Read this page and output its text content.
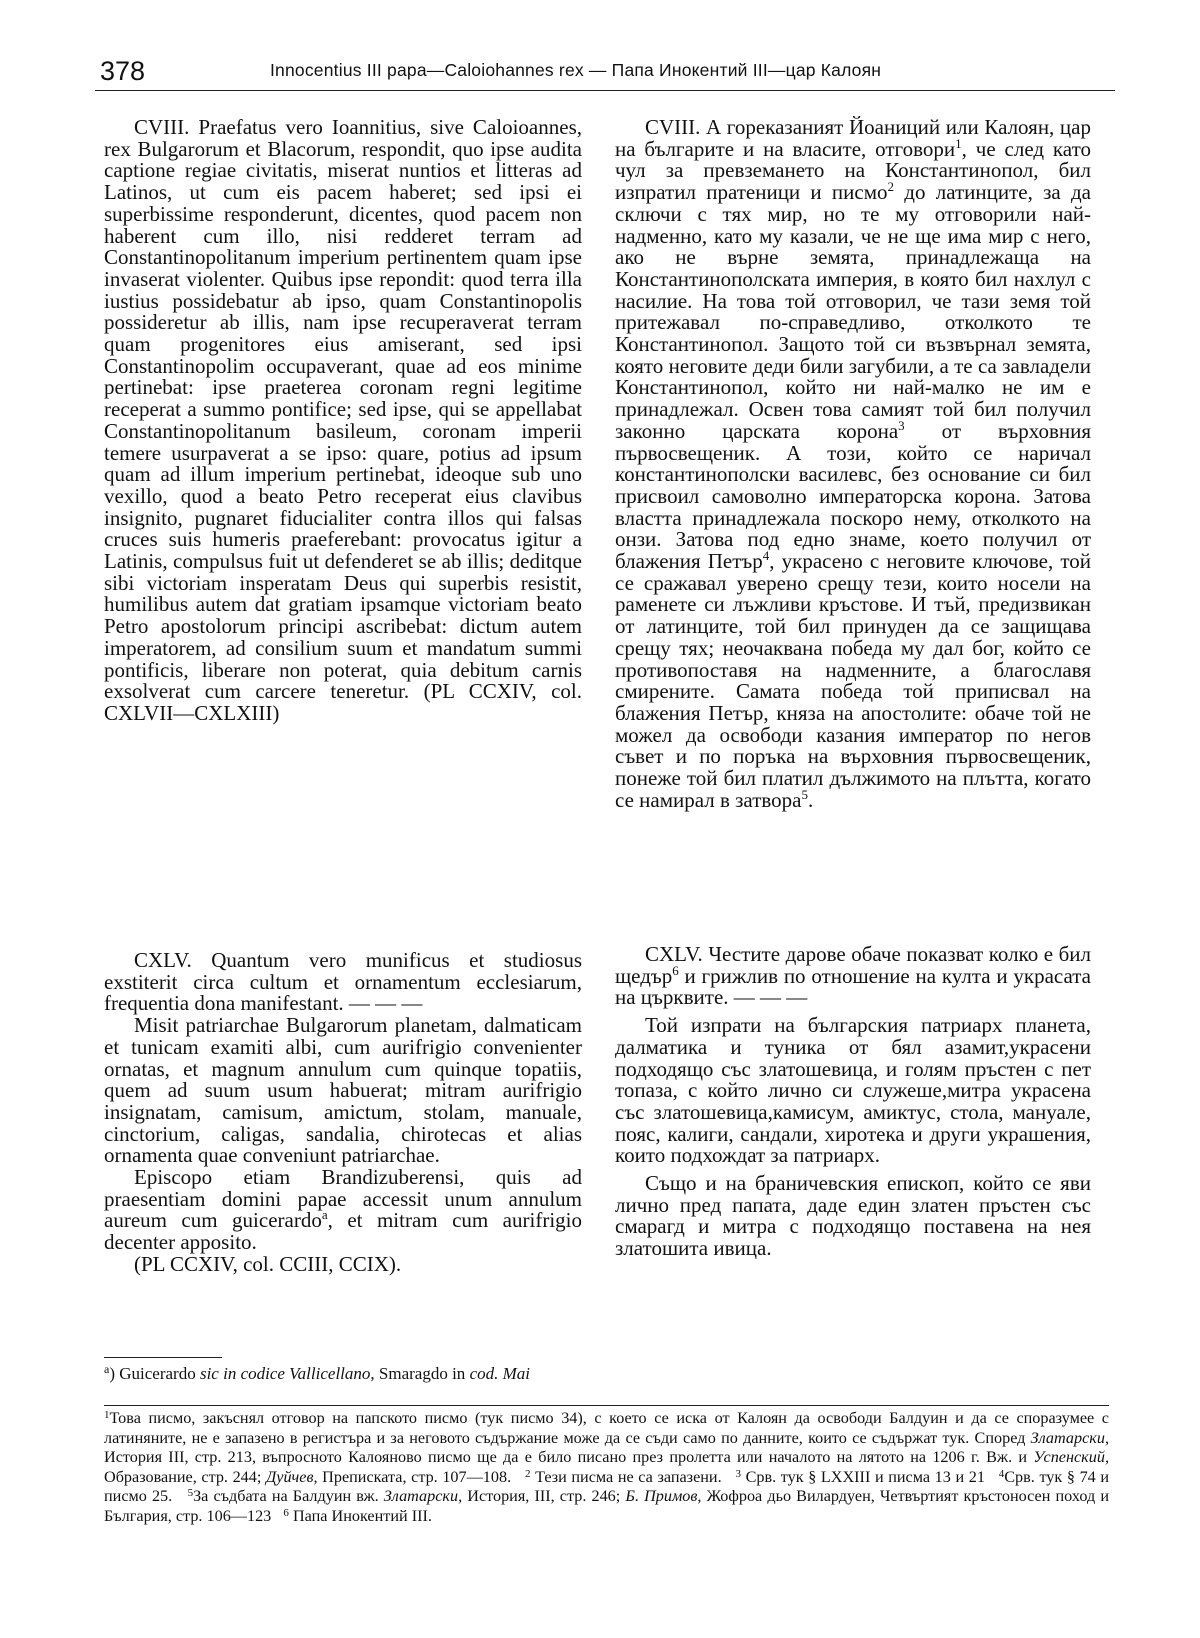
378	Innocentius III papa—Caloiohannes rex — Папа Инокентий III—цар Калоян

CVIII. Praefatus vero Ioannitius, sive Caloioannes, rex Bulgarorum et Blacorum, respondit, quo ipse audita captione regiae civitatis, miserat nuntios et litteras ad Latinos, ut cum eis pacem haberet; sed ipsi ei superbissime responderunt, dicentes, quod pacem non haberent cum illo, nisi redderet terram ad Constantinopolitanum imperium pertinentem quam ipse invaserat violenter. Quibus ipse repondit: quod terra illa iustius possidebatur ab ipso, quam Constantinopolis possideretur ab illis, nam ipse recuperaverat terram quam progenitores eius amiserant, sed ipsi Constantinopolim occupaverant, quae ad eos minime pertinebat: ipse praeterea coronam regni legitime receperat a summo pontifice; sed ipse, qui se appellabat Constantinopolitanum basileum, coronam imperii temere usurpaverat a se ipso: quare, potius ad ipsum quam ad illum imperium pertinebat, ideoque sub uno vexillo, quod a beato Petro receperat eius clavibus insignito, pugnaret fiducialiter contra illos qui falsas cruces suis humeris praeferebant: provocatus igitur a Latinis, compulsus fuit ut defenderet se ab illis; deditque sibi victoriam insperatam Deus qui superbis resistit, humilibus autem dat gratiam ipsamque victoriam beato Petro apostolorum principi ascribebat: dictum autem imperatorem, ad consilium suum et mandatum summi pontificis, liberare non poterat, quia debitum carnis exsolverat cum carcere teneretur. (PL CCXIV, col. CXLVII—CXLXIII)

CXLV. Quantum vero munificus et studiosus exstiterit circa cultum et ornamentum ecclesiarum, frequentia dona manifestant. — — —

Misit patriarchae Bulgarorum planetam, dalmaticam et tunicam examiti albi, cum aurifrigio convenienter ornatas, et magnum annulum cum quinque topatiis, quem ad suum usum habuerat; mitram aurifrigio insignatam, camisum, amictum, stolam, manuale, cinctorium, caligas, sandalia, chirotecas et alias ornamenta quae conveniunt patriarchae.

Episcopo etiam Brandizuberensi, quis ad praesentiam domini papae accessit unum annulum aureum cum guicerardo$^a$, et mitram cum aurifrigio decenter apposito.

(PL CCXIV, col. CCIII, CCIX).

CVIII. А горeказаният Йоаниций или Калоян, цар на българите и на власите, отговори$^1$, че след като чул за превземането на Константинопол, бил изпратил пратеници и писмо$^2$ до латинците, за да сключи с тях мир, но те му отговорили най-надменно, като му казали, че не ще има мир с него, ако не върне земята, принадлежаща на Константинополската империя, в която бил нахлул с насилие. На това той отговорил, че тази земя той притежавал по-справедливо, отколкото те Константинопол. Защото той си възвърнал земята, която неговите деди били загубили, а те са завладели Константинопол, който ни най-малко не им е принадлежал. Освен това самият той бил получил законно царската корона$^3$ от върховния първосвещеник. А този, който се наричал константинополски василевс, без основание си бил присвоил самоволно императорска корона. Затова властта принадлежала поскоро нему, отколкото на онзи. Затова под едно знаме, което получил от блажения Петър$^4$, украсено с неговите ключове, той се сражавал уверено срещу тези, които носели на раменете си лъжливи кръстове. И тъй, предизвикан от латинците, той бил принуден да се защищава срещу тях; неочаквана победа му дал бог, който се противопоставя на надменните, а благославя смирените. Самата победа той приписвал на блажения Петър, княза на апостолите: обаче той не можел да освободи казания император по негов съвет и по поръка на върховния първосвещеник, понеже той бил платил дължимото на плътта, когато се намирал в затвора$^5$.

CXLV. Честите дарове обаче показват колко е бил щедър$^6$ и грижлив по отношение на култа и украсата на църквите. — — —

Той изпрати на българския патриарх планета, далматика и туника от бял азамит,украсени подходящо със златошевица, и голям пръстен с пет топаза, с който лично си служеше,митра украсена със златошевица,камисум, амиктус, стола, мануале, пояс, калиги, сандали, хиротека и други украшения, които подхождат за патриарх.

Също и на браничевския епископ, който се яви лично пред папата, даде един златен пръстен със смарагд и митра с подходящо поставена на нея златошита ивица.

$^a$) Guicerardo sic in codice Vallicellano, Smaragdo in cod. Mai
$^1$Това писмо, закъснял отговор на папското писмо (тук писмо 34), с което се иска от Калоян да освободи Балдуин и да се споразумее с латинянитe, не е запазено в регистъра и за неговото съдържание може да се съди само по данните, които се съдържат тук. Според Златарски, История III, стр. 213, въпросното Калояново писмо ще да е било писано през пролетта или началото на лятото на 1206 г. Вж. и Успенский, Образование, стр. 244; Дуйчев, Преписката, стр. 107—108. $^2$ Тези писма не са запазени. $^3$ Срв. тук § LXXIII и писма 13 и 21 $^4$Срв. тук § 74 и писмо 25. $^5$За съдбата на Балдуин вж. Златарски, История, III, стр. 246; Б. Примов, Жофроа дьо Вилардуен, Четвъртият кръстоносен поход и България, стр. 106—123 $^6$ Папа Инокентий III.
